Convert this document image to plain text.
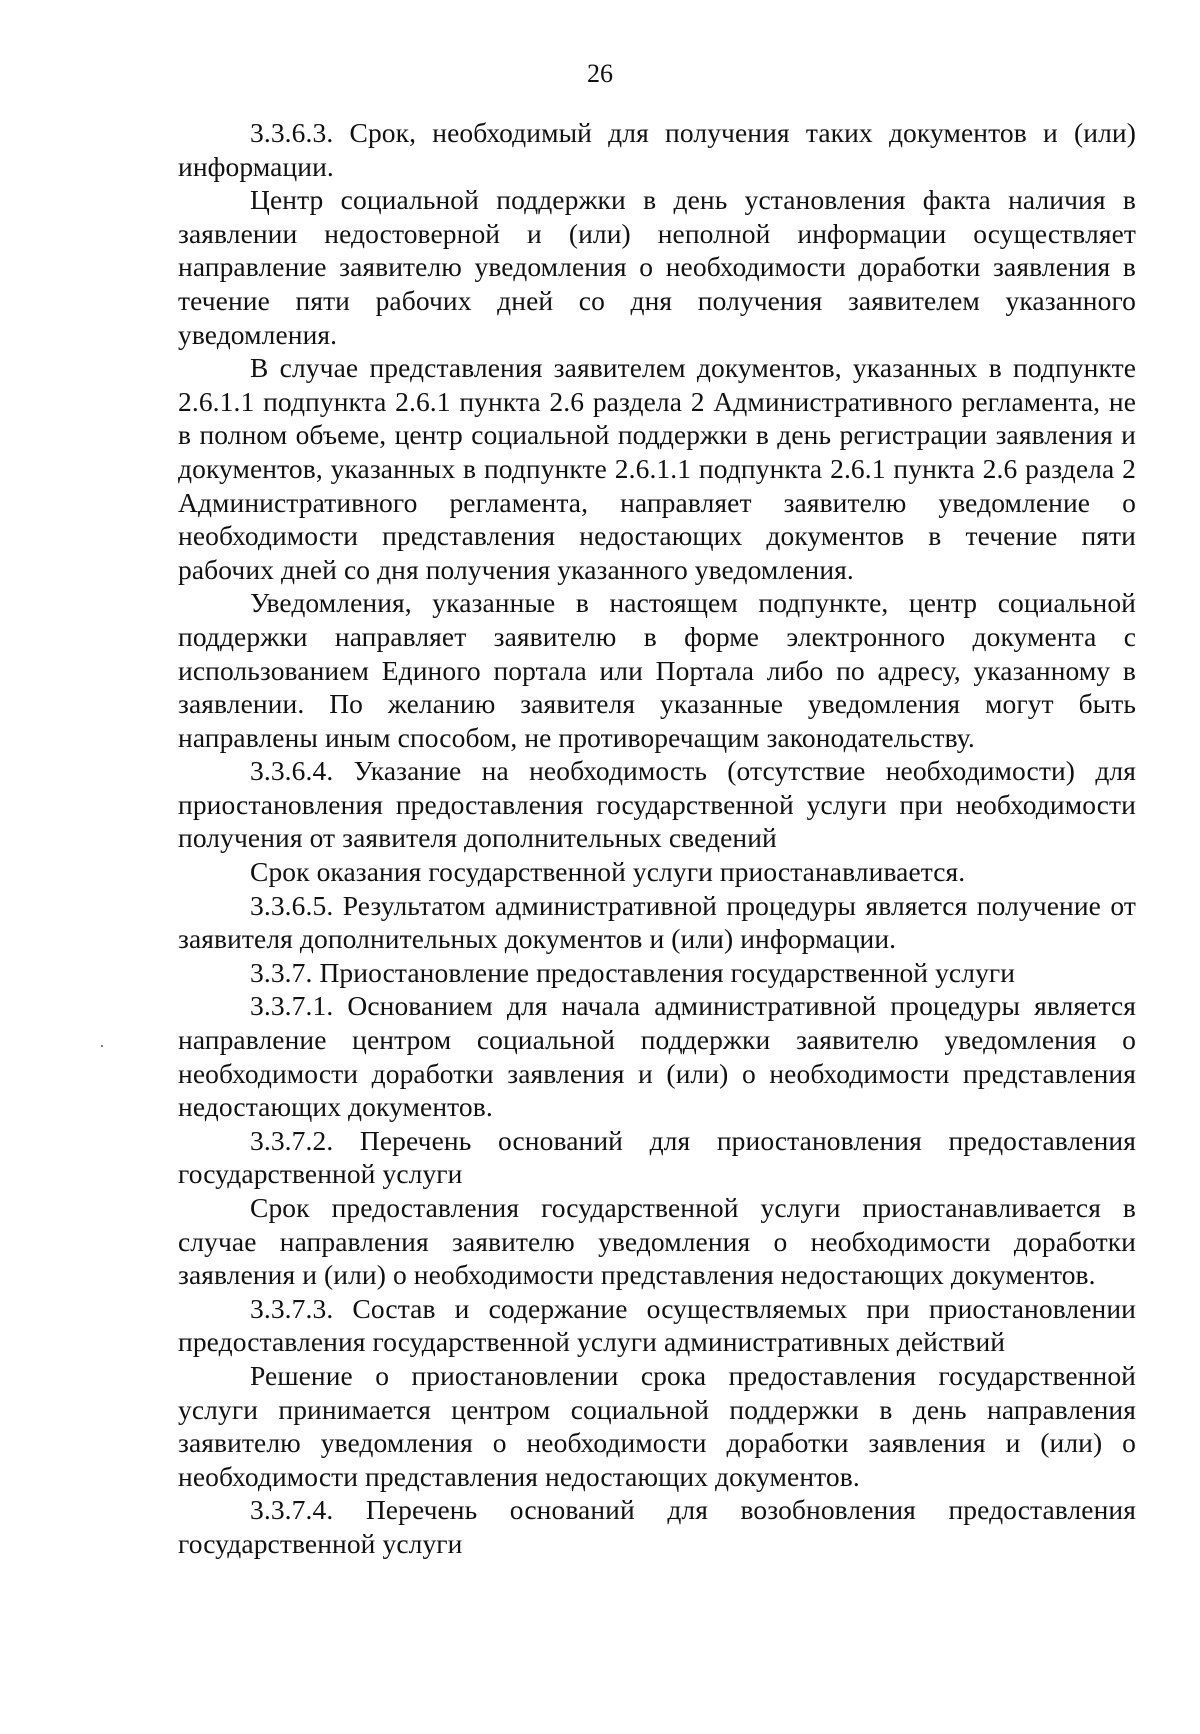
26

3.3.6.3. Срок, необходимый для получения таких документов и (или) информации.

Центр социальной поддержки в день установления факта наличия в заявлении недостоверной и (или) неполной информации осуществляет направление заявителю уведомления о необходимости доработки заявления в течение пяти рабочих дней со дня получения заявителем указанного уведомления.

В случае представления заявителем документов, указанных в подпункте 2.6.1.1 подпункта 2.6.1 пункта 2.6 раздела 2 Административного регламента, не в полном объеме, центр социальной поддержки в день регистрации заявления и документов, указанных в подпункте 2.6.1.1 подпункта 2.6.1 пункта 2.6 раздела 2 Административного регламента, направляет заявителю уведомление о необходимости представления недостающих документов в течение пяти рабочих дней со дня получения указанного уведомления.

Уведомления, указанные в настоящем подпункте, центр социальной поддержки направляет заявителю в форме электронного документа с использованием Единого портала или Портала либо по адресу, указанному в заявлении. По желанию заявителя указанные уведомления могут быть направлены иным способом, не противоречащим законодательству.

3.3.6.4. Указание на необходимость (отсутствие необходимости) для приостановления предоставления государственной услуги при необходимости получения от заявителя дополнительных сведений

Срок оказания государственной услуги приостанавливается.

3.3.6.5. Результатом административной процедуры является получение от заявителя дополнительных документов и (или) информации.

3.3.7. Приостановление предоставления государственной услуги

3.3.7.1. Основанием для начала административной процедуры является направление центром социальной поддержки заявителю уведомления о необходимости доработки заявления и (или) о необходимости представления недостающих документов.

3.3.7.2. Перечень оснований для приостановления предоставления государственной услуги

Срок предоставления государственной услуги приостанавливается в случае направления заявителю уведомления о необходимости доработки заявления и (или) о необходимости представления недостающих документов.

3.3.7.3. Состав и содержание осуществляемых при приостановлении предоставления государственной услуги административных действий

Решение о приостановлении срока предоставления государственной услуги принимается центром социальной поддержки в день направления заявителю уведомления о необходимости доработки заявления и (или) о необходимости представления недостающих документов.

3.3.7.4. Перечень оснований для возобновления предоставления государственной услуги
